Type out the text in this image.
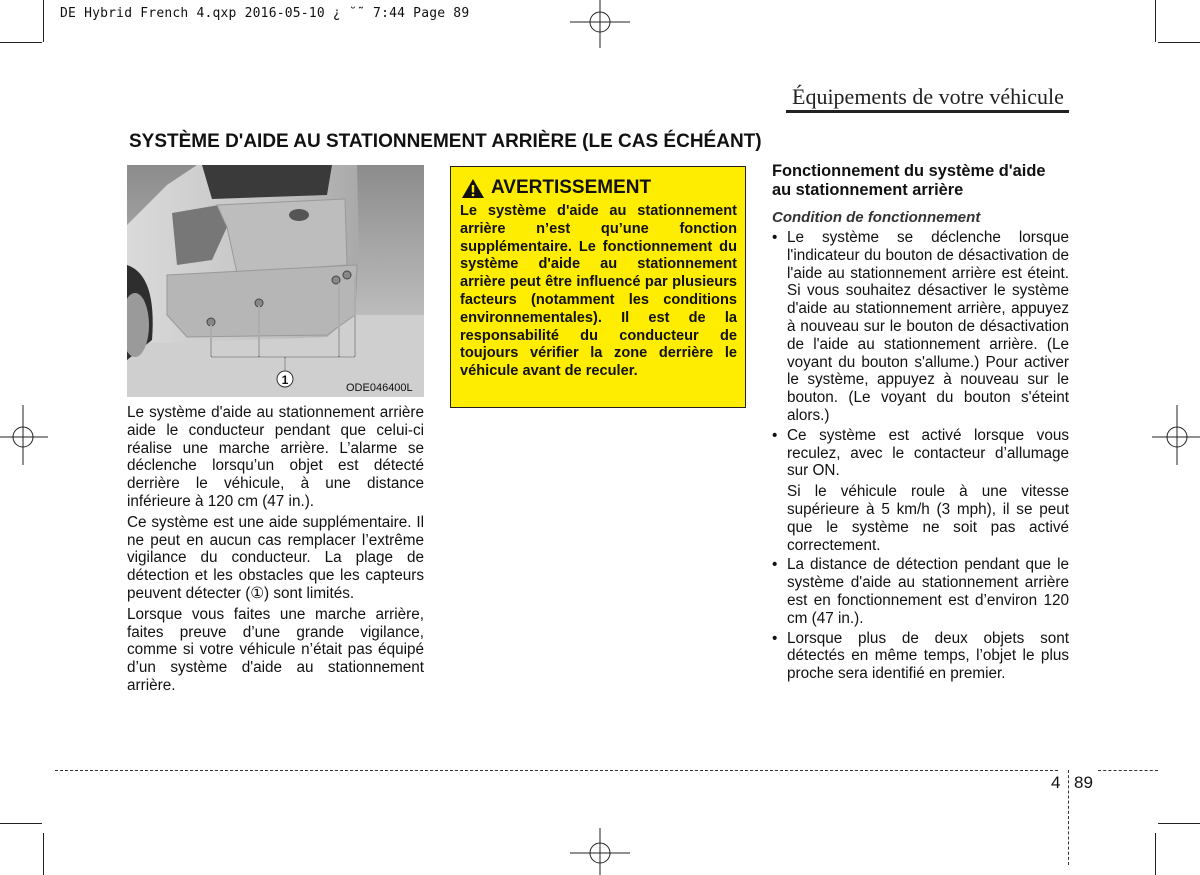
DE Hybrid French 4.qxp 2016-05-10 ¿ ˘˜ 7:44 Page 89
Équipements de votre véhicule
SYSTÈME D'AIDE AU STATIONNEMENT ARRIÈRE (LE CAS ÉCHÉANT)
1
ODE046400L

Le système d'aide au stationnement arrière aide le conducteur pendant que celui-ci réalise une marche arrière. L’alarme se déclenche lorsqu’un objet est détecté derrière le véhicule, à une distance inférieure à 120 cm (47 in.).

Ce système est une aide supplémentaire. Il ne peut en aucun cas remplacer l’extrême vigilance du conducteur. La plage de détection et les obstacles que les capteurs peuvent détecter (①) sont limités.

Lorsque vous faites une marche arrière, faites preuve d’une grande vigilance, comme si votre véhicule n’était pas équipé d’un système d'aide au stationnement arrière.

AVERTISSEMENT
Le système d'aide au stationnement arrière n’est qu’une fonction supplémentaire. Le fonctionnement du système d'aide au stationnement arrière peut être influencé par plusieurs facteurs (notamment les conditions environnementales). Il est de la responsabilité du conducteur de toujours vérifier la zone derrière le véhicule avant de reculer.
Fonctionnement du système d'aide au stationnement arrière
Condition de fonctionnement
• Le système se déclenche lorsque l'indicateur du bouton de désactivation de l'aide au stationnement arrière est éteint. Si vous souhaitez désactiver le système d'aide au stationnement arrière, appuyez à nouveau sur le bouton de désactivation de l'aide au stationnement arrière. (Le voyant du bouton s'allume.) Pour activer le système, appuyez à nouveau sur le bouton. (Le voyant du bouton s'éteint alors.)
• Ce système est activé lorsque vous reculez, avec le contacteur d’allumage sur ON.
Si le véhicule roule à une vitesse supérieure à 5 km/h (3 mph), il se peut que le système ne soit pas activé correctement.
• La distance de détection pendant que le système d'aide au stationnement arrière est en fonctionnement est d’environ 120 cm (47 in.).
• Lorsque plus de deux objets sont détectés en même temps, l’objet le plus proche sera identifié en premier.
4 89
